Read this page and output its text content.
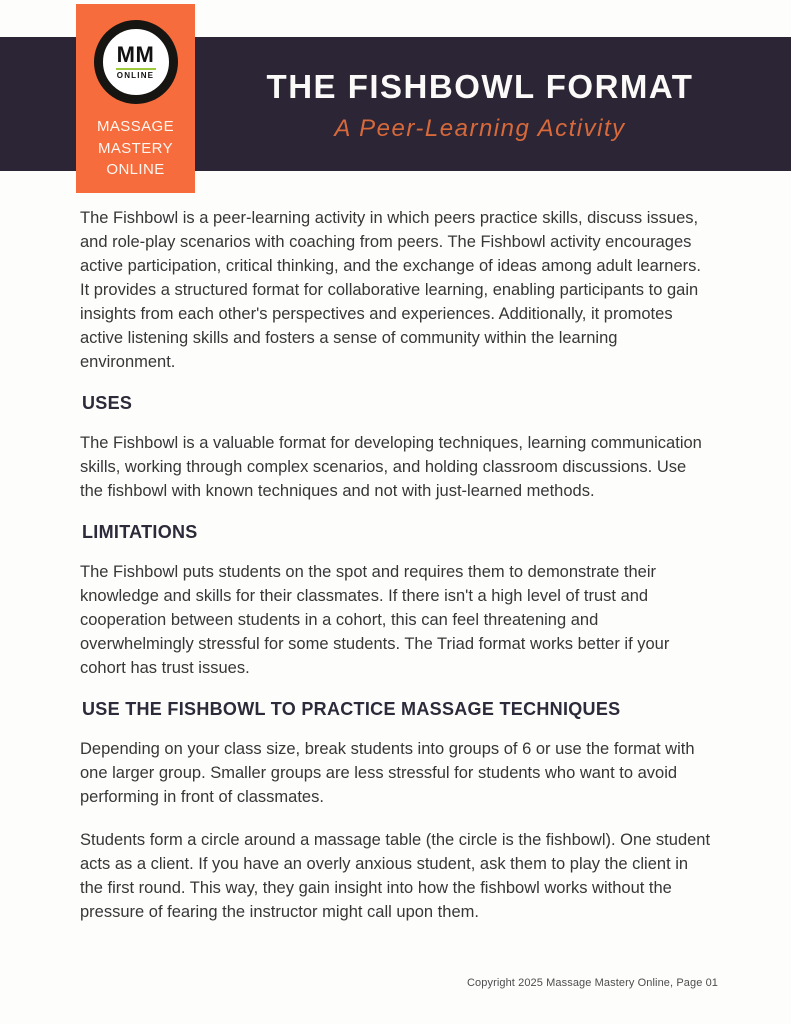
THE FISHBOWL FORMAT
A Peer-Learning Activity
MM
ONLINE
MASSAGE
MASTERY
ONLINE

The Fishbowl is a peer-learning activity in which peers practice skills, discuss issues, and role-play scenarios with coaching from peers. The Fishbowl activity encourages active participation, critical thinking, and the exchange of ideas among adult learners. It provides a structured format for collaborative learning, enabling participants to gain insights from each other's perspectives and experiences. Additionally, it promotes active listening skills and fosters a sense of community within the learning environment.

USES

The Fishbowl is a valuable format for developing techniques, learning communication skills, working through complex scenarios, and holding classroom discussions. Use the fishbowl with known techniques and not with just-learned methods.

LIMITATIONS

The Fishbowl puts students on the spot and requires them to demonstrate their knowledge and skills for their classmates. If there isn't a high level of trust and cooperation between students in a cohort, this can feel threatening and overwhelmingly stressful for some students. The Triad format works better if your cohort has trust issues.

USE THE FISHBOWL TO PRACTICE MASSAGE TECHNIQUES

Depending on your class size, break students into groups of 6 or use the format with one larger group. Smaller groups are less stressful for students who want to avoid performing in front of classmates.

Students form a circle around a massage table (the circle is the fishbowl). One student acts as a client. If you have an overly anxious student, ask them to play the client in the first round. This way, they gain insight into how the fishbowl works without the pressure of fearing the instructor might call upon them.

Copyright 2025 Massage Mastery Online, Page 01
